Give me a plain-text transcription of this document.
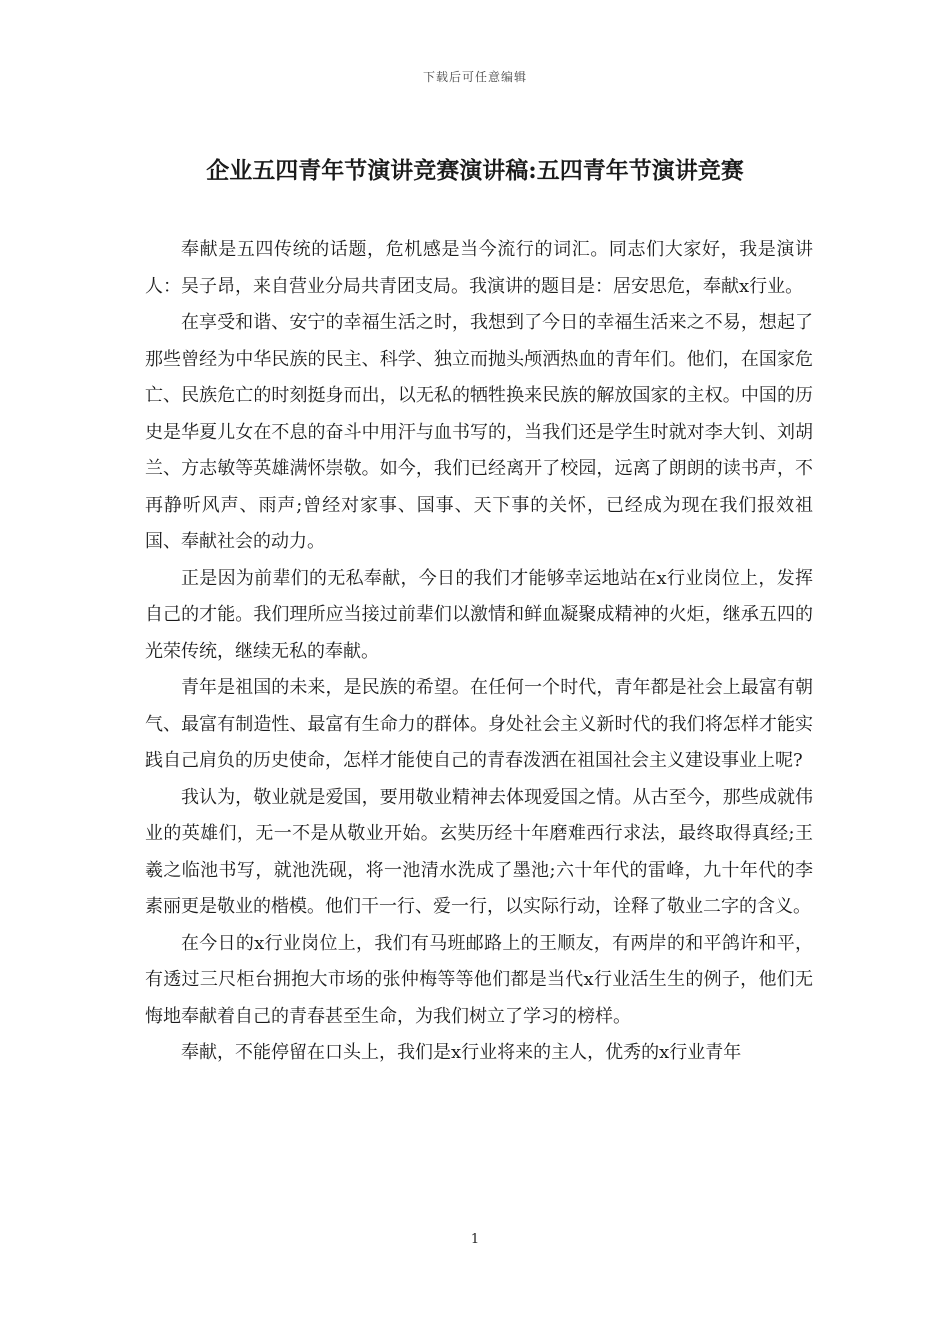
下载后可任意编辑
企业五四青年节演讲竞赛演讲稿:五四青年节演讲竞赛

奉献是五四传统的话题，危机感是当今流行的词汇。同志们大家好，我是演讲人：吴子昂，来自营业分局共青团支局。我演讲的题目是：居安思危，奉献x行业。

在享受和谐、安宁的幸福生活之时，我想到了今日的幸福生活来之不易，想起了那些曾经为中华民族的民主、科学、独立而抛头颅洒热血的青年们。他们，在国家危亡、民族危亡的时刻挺身而出，以无私的牺牲换来民族的解放国家的主权。中国的历史是华夏儿女在不息的奋斗中用汗与血书写的，当我们还是学生时就对李大钊、刘胡兰、方志敏等英雄满怀崇敬。如今，我们已经离开了校园，远离了朗朗的读书声，不再静听风声、雨声;曾经对家事、国事、天下事的关怀，已经成为现在我们报效祖国、奉献社会的动力。

正是因为前辈们的无私奉献，今日的我们才能够幸运地站在x行业岗位上，发挥自己的才能。我们理所应当接过前辈们以激情和鲜血凝聚成精神的火炬，继承五四的光荣传统，继续无私的奉献。

青年是祖国的未来，是民族的希望。在任何一个时代，青年都是社会上最富有朝气、最富有制造性、最富有生命力的群体。身处社会主义新时代的我们将怎样才能实践自己肩负的历史使命，怎样才能使自己的青春泼洒在祖国社会主义建设事业上呢?

我认为，敬业就是爱国，要用敬业精神去体现爱国之情。从古至今，那些成就伟业的英雄们，无一不是从敬业开始。玄奘历经十年磨难西行求法，最终取得真经;王羲之临池书写，就池洗砚，将一池清水洗成了墨池;六十年代的雷峰，九十年代的李素丽更是敬业的楷模。他们干一行、爱一行，以实际行动，诠释了敬业二字的含义。

在今日的x行业岗位上，我们有马班邮路上的王顺友，有两岸的和平鸽许和平，有透过三尺柜台拥抱大市场的张仲梅等等他们都是当代x行业活生生的例子，他们无悔地奉献着自己的青春甚至生命，为我们树立了学习的榜样。

奉献，不能停留在口头上，我们是x行业将来的主人，优秀的x行业青年

1
